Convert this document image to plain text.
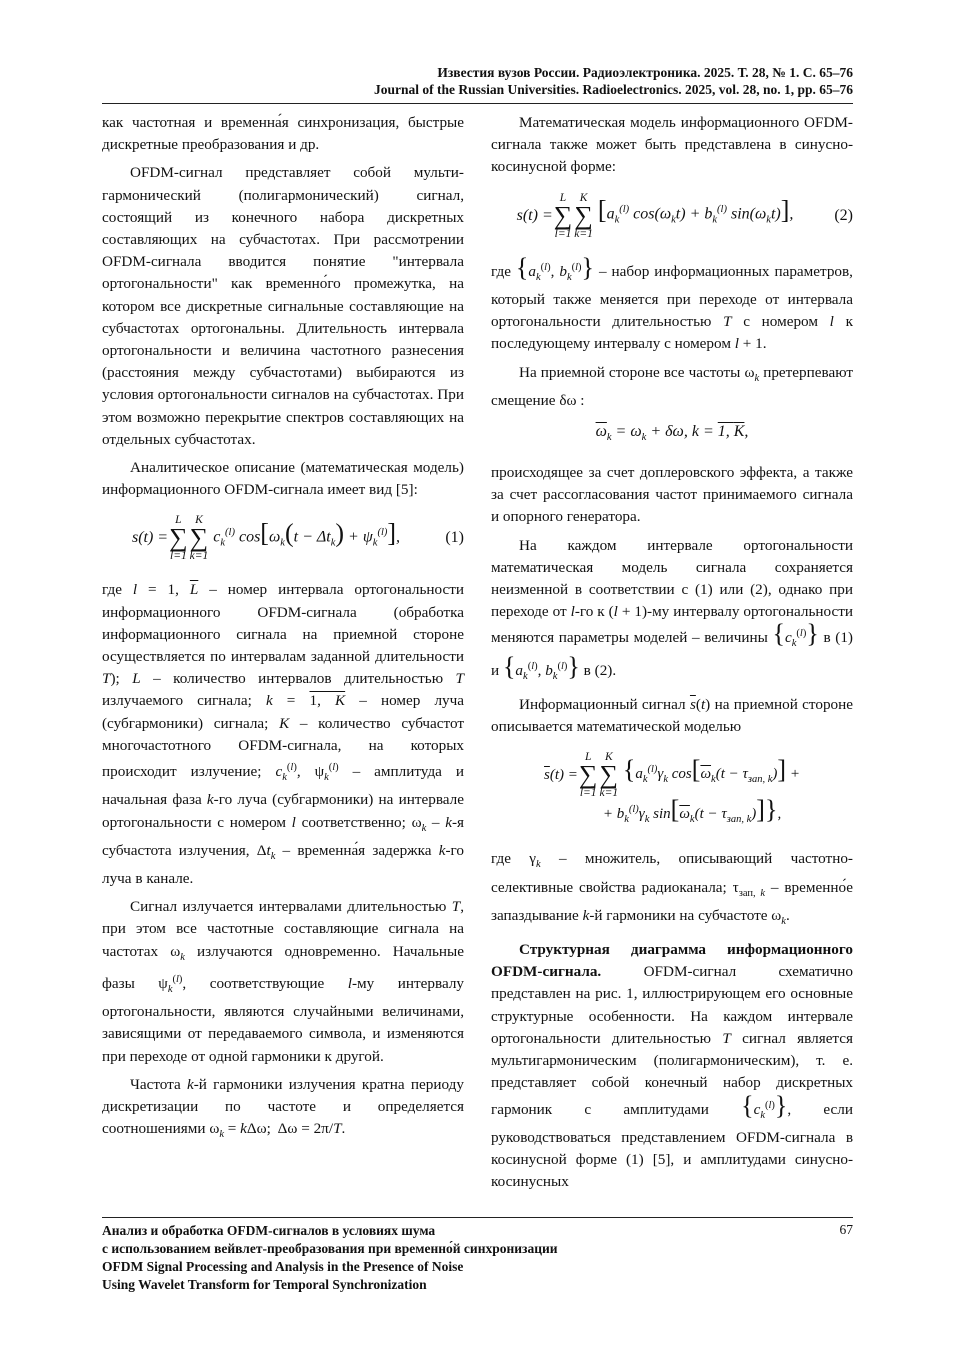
Известия вузов России. Радиоэлектроника. 2025. Т. 28, № 1. С. 65–76
Journal of the Russian Universities. Radioelectronics. 2025, vol. 28, no. 1, pp. 65–76

как частотная и временна́я синхронизация, быстрые дискретные преобразования и др.

OFDM-сигнал представляет собой мульти-гармонический (полигармонический) сигнал, состоящий из конечного набора дискретных составляющих на субчастотах. При рассмотрении OFDM-сигнала вводится понятие "интервала ортогональности" как временно́го промежутка, на котором все дискретные сигнальные составляющие на субчастотах ортогональны. Длительность интервала ортогональности и величина частотного разнесения (расстояния между субчастотами) выбираются из условия ортогональности сигналов на субчастотах. При этом возможно перекрытие спектров составляющих на отдельных субчастотах.

Аналитическое описание (математическая модель) информационного OFDM-сигнала имеет вид [5]:

s(t) =
L
∑
l=1
K
∑
k=1
$c_k^{(l)}$ $\cos[\omega_k(t - \Delta t_k) + \psi_k^{(l)}]$,	(1)

где l = 1, $\overline{L}$ – номер интервала ортогональности информационного OFDM-сигнала (обработка информационного сигнала на приемной стороне осуществляется по интервалам заданной длительности T); L – количество интервалов длительностью T излучаемого сигнала; k = 1, K – номер луча (субгармоники) сигнала; K – количество субчастот многочастотного OFDM-сигнала, на которых происходит излучение; $c_k^{(l)}$, $\psi_k^{(l)}$ – амплитуда и начальная фаза k-го луча (субгармоники) на интервале ортогональности с номером l соответственно; $\omega_k - k-я$ субчастота излучения, $\Delta t_k$ – временна́я задержка k-го луча в канале.

Сигнал излучается интервалами длительностью T, при этом все частотные составляющие сигнала на частотах $\omega_k$ излучаются одновременно. Начальные фазы $\psi_k^{(l)}$, соответствующие l-му интервалу ортогональности, являются случайными величинами, зависящими от передаваемого символа, и изменяются при переходе от одной гармоники к другой.

Частота k-й гармоники излучения кратна периоду дискретизации по частоте и определяется соотношениями $\omega_k = k\Delta\omega$;  Δω = 2π/T.

Математическая модель информационного OFDM-сигнала также может быть представлена в синусно-косинусной форме:

s(t) =
L
∑
l=1
K
∑
k=1
[$a_k^{(l)}$ $\cos(\omega_kt) + b_k^{(l)}$ $\sin(\omega_kt)$],	(2)

где {$a_k^{(l)}$, $b_k^{(l)}$} – набор информационных параметров, который также меняется при переходе от интервала ортогональности длительностью T с номером l к последующему интервалу с номером l + 1.

На приемной стороне все частоты $\omega_k$ претерпевают смещение δω :

$\overline{\omega}_k = \omega_k + \delta\omega$, k = 1, K,

происходящее за счет доплеровского эффекта, а также за счет рассогласования частот принимаемого сигнала и опорного генератора.

На каждом интервале ортогональности математическая модель сигнала сохраняется неизменной в соответствии с (1) или (2), однако при переходе от l-го к (l + 1)-му интервалу ортогональности меняются параметры моделей – величины $\{c_k^{(l)}\}$ в (1) и {$a_k^{(l)}$, $b_k^{(l)}$} в (2).

Информационный сигнал $\overline{s}(t)$ на приемной стороне описывается математической моделью

$\overline{s}(t)$ =
L
∑
l=1
K
∑
k=1
{$a_k^{(l)}\gamma_k$ $\cos[\overline{\omega}_k(t - \tau_{зап, k})]$ +
+ $b_k^{(l)}\gamma_k$ $\sin[\overline{\omega}_k(t - \tau_{зап, k})]$},

где $\gamma_k$ – множитель, описывающий частотно-селективные свойства радиоканала; $\tau_{зап, k}$ – временно́е запаздывание k-й гармоники на субчастоте $\omega_k$.

Структурная диаграмма информационного OFDM-сигнала. OFDM-сигнал схематично представлен на рис. 1, иллюстрирующем его основные структурные особенности. На каждом интервале ортогональности длительностью T сигнал является мультигармоническим (полигармоническим), т. е. представляет собой конечный набор дискретных гармоник с амплитудами $\{c_k^{(l)}\}$, если руководствоваться представлением OFDM-сигнала в косинусной форме (1) [5], и амплитудами синусно-косинусных

Анализ и обработка OFDM-сигналов в условиях шума
с использованием вейвлет-преобразования при временно́й синхронизации
OFDM Signal Processing and Analysis in the Presence of Noise
Using Wavelet Transform for Temporal Synchronization
67
